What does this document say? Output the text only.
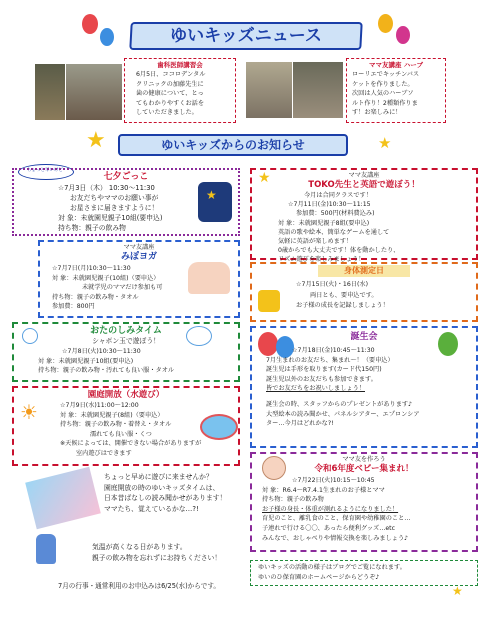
ゆいキッズニュース
歯科医師講習会
6月5日、ココロデンタル
クリニックの加藤先生に
歯の健康について、とっ
てもわかりやすくお話を
していただきました。
ママ友講座 ハーブ
ローリエでキッチンバス
ケットを作りました。
次回は人気のハーブソ
ルト作り！2種類作りま
す！お楽しみに！
★	★
ゆいキッズからのお知らせ
ちょっと早いけど
七夕ごっこ
☆7月3日（木） 10:30～11:30
お友だちやママのお願い事が
お星さまに届きますように！
対 象：未就園児親子10組(要申込)
持ち物：親子の飲み物
★
ママ友講座
みぽヨガ
☆7月7日(月)10:30～11:30
対 象：未就園児親子(10組)（要申込）
未就学児のママだけ参加も可
持ち物：親子の飲み物・タオル
参加費：800円
おたのしみタイム
シャボン玉で遊ぼう！
☆7月8日(火)10:30～11:30
対 象：未就園児親子10組(要申込)
持ち物：親子の飲み物・汚れても良い服・タオル
園庭開放（水遊び）
☆7月9日(水)11:00～12:00
対 象：未就園児親子(8組)（要申込）
持ち物：親子の飲み物・着替え・タオル
濡れても良い服・くつ
※天候によっては、開催できない場合がありますが
室内遊びはできます
☀
ちょっと早めに遊びに来ませんか？
園庭開放の時のゆいキッズタイムは、
日本昔ばなしの読み聞かせがあります！
ママたち、覚えているかな…?!
気温が高くなる日があります。
親子の飲み物を忘れずにお持ちください！
7月の行事・通常利用のお申込みは6/25(水)からです。
★	ママ友講座
TOKO先生と英語で遊ぼう！
今月は合同クラスです！
☆7月11日(金)10:30～11:15
参加費：500円(材料費込み)
対 象：未就園児親子8組(要申込)
英語の歌や絵本、簡単なゲームを通して
気軽に英語が楽しめます！
0歳からでも大丈夫です！体を動かしたり、
リズム遊びを楽しみましょう！
身体測定日
☆7月15日(火)・16日(水)
両日とも、要申込です。
お子様の成長を記録しましょう！
誕生会
☆7月18日(金)10:45～11:30
7月生まれのお友だち、集まれ～！（要申込）
誕生児は手形を取ります(カード代150円)
誕生児以外のお友だちも参加できます。
皆でお友だちをお祝いしましょう！
誕生会の時、スタッフからのプレゼントがあります♪
大型絵本の読み聞かせ、パネルシアター、エプロンシア
ター…今月はどれかな?!
ママ友を作ろう
令和6年度ベビー集まれ！
☆7月22日(火)10:15～10:45
対 象：R6.4～R7.4.1生まれのお子様とママ
持ち物：親子の飲み物
お子様の身長・体重が測れるようになりました！
育児のこと、離乳食のこと、保育園や幼稚園のこと…
子連れで行ける〇〇、あったら便利グッズ…etc
みんなで、おしゃべりや情報交換を楽しみましょう♪
ゆいキッズの活動の様子はブログでご覧になれます。
ゆいのひ保育園のホームページからどうぞ♪
★
